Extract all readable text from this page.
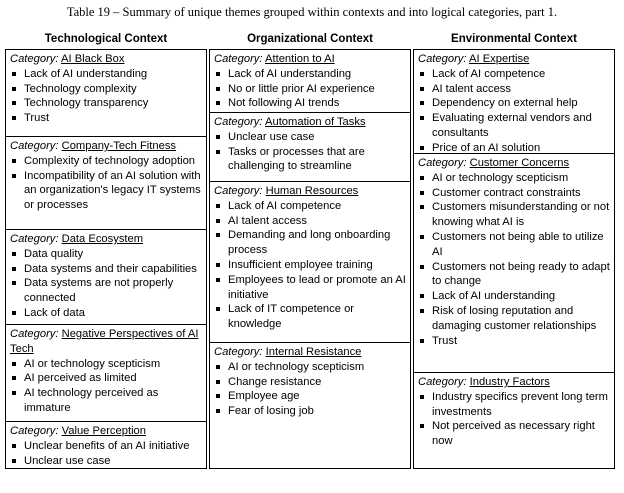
Table 19 – Summary of unique themes grouped within contexts and into logical categories, part 1.
Technological Context	Organizational Context	Environmental Context
Category: AI Black Box
Lack of AI understanding
Technology complexity
Technology transparency
Trust
Category: Company-Tech Fitness
Complexity of technology adoption
Incompatibility of an AI solution with an organization's legacy IT systems or processes
Category: Data Ecosystem
Data quality
Data systems and their capabilities
Data systems are not properly connected
Lack of data
Category: Negative Perspectives of AI Tech
AI or technology scepticism
AI perceived as limited
AI technology perceived as immature
Category: Value Perception
Unclear benefits of an AI initiative
Unclear use case
Category: Attention to AI
Lack of AI understanding
No or little prior AI experience
Not following AI trends
Category: Automation of Tasks
Unclear use case
Tasks or processes that are challenging to streamline
Category: Human Resources
Lack of AI competence
AI talent access
Demanding and long onboarding process
Insufficient employee training
Employees to lead or promote an AI initiative
Lack of IT competence or knowledge
Category: Internal Resistance
AI or technology scepticism
Change resistance
Employee age
Fear of losing job
Category: AI Expertise
Lack of AI competence
AI talent access
Dependency on external help
Evaluating external vendors and consultants
Price of an AI solution
Category: Customer Concerns
AI or technology scepticism
Customer contract constraints
Customers misunderstanding or not knowing what AI is
Customers not being able to utilize AI
Customers not being ready to adapt to change
Lack of AI understanding
Risk of losing reputation and damaging customer relationships
Trust
Category: Industry Factors
Industry specifics prevent long term investments
Not perceived as necessary right now
